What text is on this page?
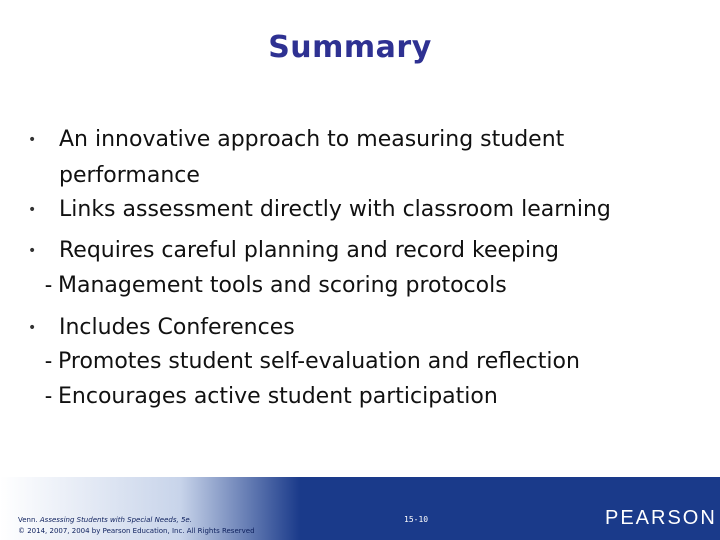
Summary
• An innovative approach to measuring student performance
• Links assessment directly with classroom learning
• Requires careful planning and record keeping
– Management tools and scoring protocols
• Includes Conferences
– Promotes student self-evaluation and reflection
– Encourages active student participation
Venn. Assessing Students with Special Needs, 5e.
© 2014, 2007, 2004 by Pearson Education, Inc. All Rights Reserved
15-10	PEARSON
